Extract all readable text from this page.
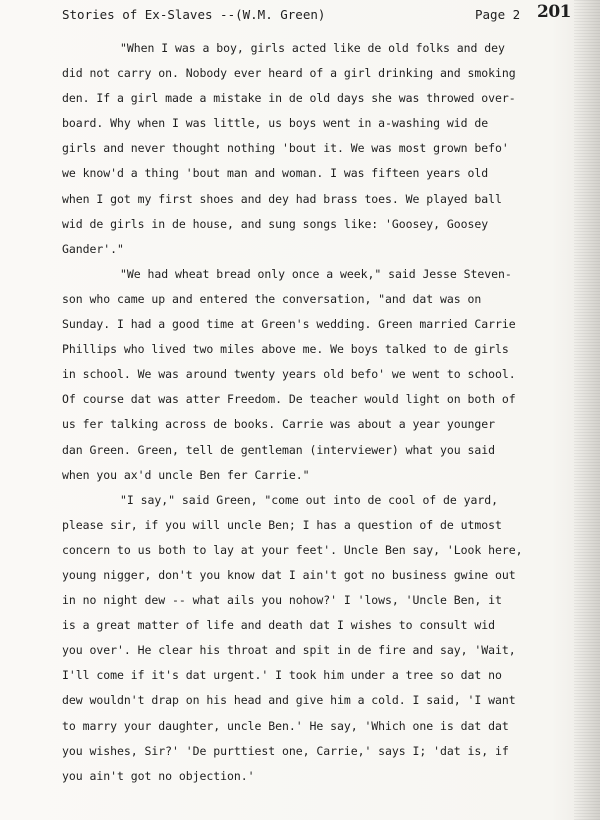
Stories of Ex-Slaves --(W.M. Green)	Page 2 201
"When I was a boy, girls acted like de old folks and dey
did not carry on. Nobody ever heard of a girl drinking and smoking
den. If a girl made a mistake in de old days she was throwed over-
board. Why when I was little, us boys went in a-washing wid de
girls and never thought nothing 'bout it. We was most grown befo'
we know'd a thing 'bout man and woman. I was fifteen years old
when I got my first shoes and dey had brass toes. We played ball
wid de girls in de house, and sung songs like: 'Goosey, Goosey
Gander'."
"We had wheat bread only once a week," said Jesse Steven-
son who came up and entered the conversation, "and dat was on
Sunday. I had a good time at Green's wedding. Green married Carrie
Phillips who lived two miles above me. We boys talked to de girls
in school. We was around twenty years old befo' we went to school.
Of course dat was atter Freedom. De teacher would light on both of
us fer talking across de books. Carrie was about a year younger
dan Green. Green, tell de gentleman (interviewer) what you said
when you ax'd uncle Ben fer Carrie."
"I say," said Green, "come out into de cool of de yard,
please sir, if you will uncle Ben; I has a question of de utmost
concern to us both to lay at your feet'. Uncle Ben say, 'Look here,
young nigger, don't you know dat I ain't got no business gwine out
in no night dew -- what ails you nohow?' I 'lows, 'Uncle Ben, it
is a great matter of life and death dat I wishes to consult wid
you over'. He clear his throat and spit in de fire and say, 'Wait,
I'll come if it's dat urgent.' I took him under a tree so dat no
dew wouldn't drap on his head and give him a cold. I said, 'I want
to marry your daughter, uncle Ben.' He say, 'Which one is dat dat
you wishes, Sir?' 'De purttiest one, Carrie,' says I; 'dat is, if
you ain't got no objection.'
